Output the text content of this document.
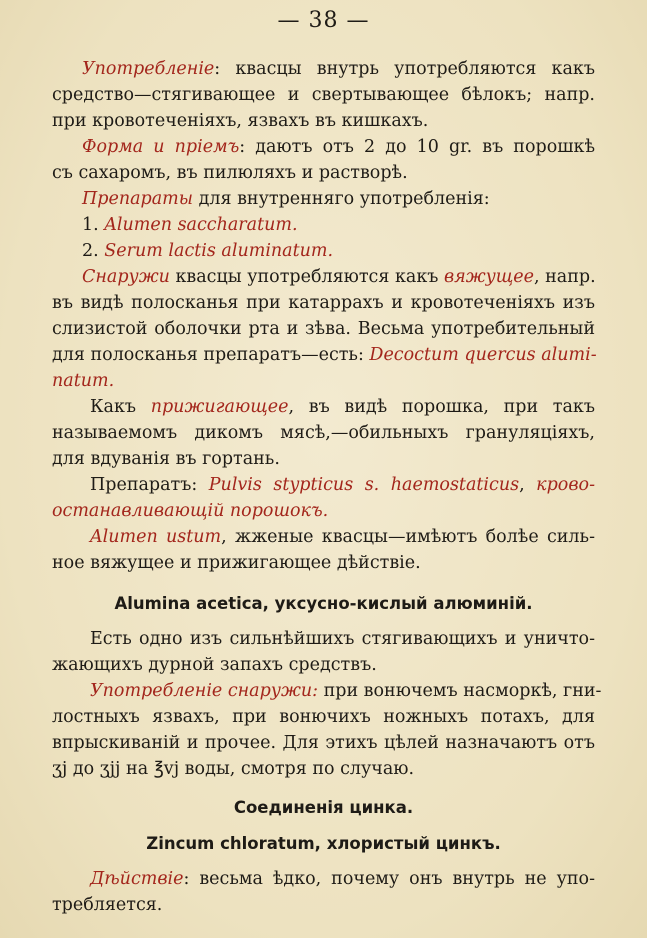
— 38 —
Употребленіе: квасцы внутрь употребляются какъ
средство—стягивающее и свертывающее бѣлокъ; напр.
при кровотеченіяхъ, язвахъ въ кишкахъ.
Форма и пріемъ: даютъ отъ 2 до 10 gr. въ порошкѣ
съ сахаромъ, въ пилюляхъ и растворѣ.
Препараты для внутренняго употребленія:
1. Alumen saccharatum.
2. Serum lactis aluminatum.
Снаружи квасцы употребляются какъ вяжущее, напр.
въ видѣ полосканья при катаррахъ и кровотеченіяхъ изъ
слизистой оболочки рта и зѣва. Весьма употребительный
для полосканья препаратъ—есть: Decoctum quercus alumi-
natum.
Какъ прижигающее, въ видѣ порошка, при такъ
называемомъ дикомъ мясѣ,—обильныхъ грануляціяхъ,
для вдуванія въ гортань.
Препаратъ: Pulvis stypticus s. haemostaticus, крово-
останавливающій порошокъ.
Alumen ustum, жженые квасцы—имѣютъ болѣе силь-
ное вяжущее и прижигающее дѣйствіе.
Alumina acetica, уксусно-кислый алюминій.
Есть одно изъ сильнѣйшихъ стягивающихъ и уничто-
жающихъ дурной запахъ средствъ.
Употребленіе снаружи: при вонючемъ насморкѣ, гни-
лостныхъ язвахъ, при вонючихъ ножныхъ потахъ, для
впрыскиваній и прочее. Для этихъ цѣлей назначаютъ отъ
ʒj до ʒjj на ℥vj воды, смотря по случаю.
Соединенія цинка.
Zincum chloratum, хлористый цинкъ.
Дѣйствіе: весьма ѣдко, почему онъ внутрь не упо-
требляется.
